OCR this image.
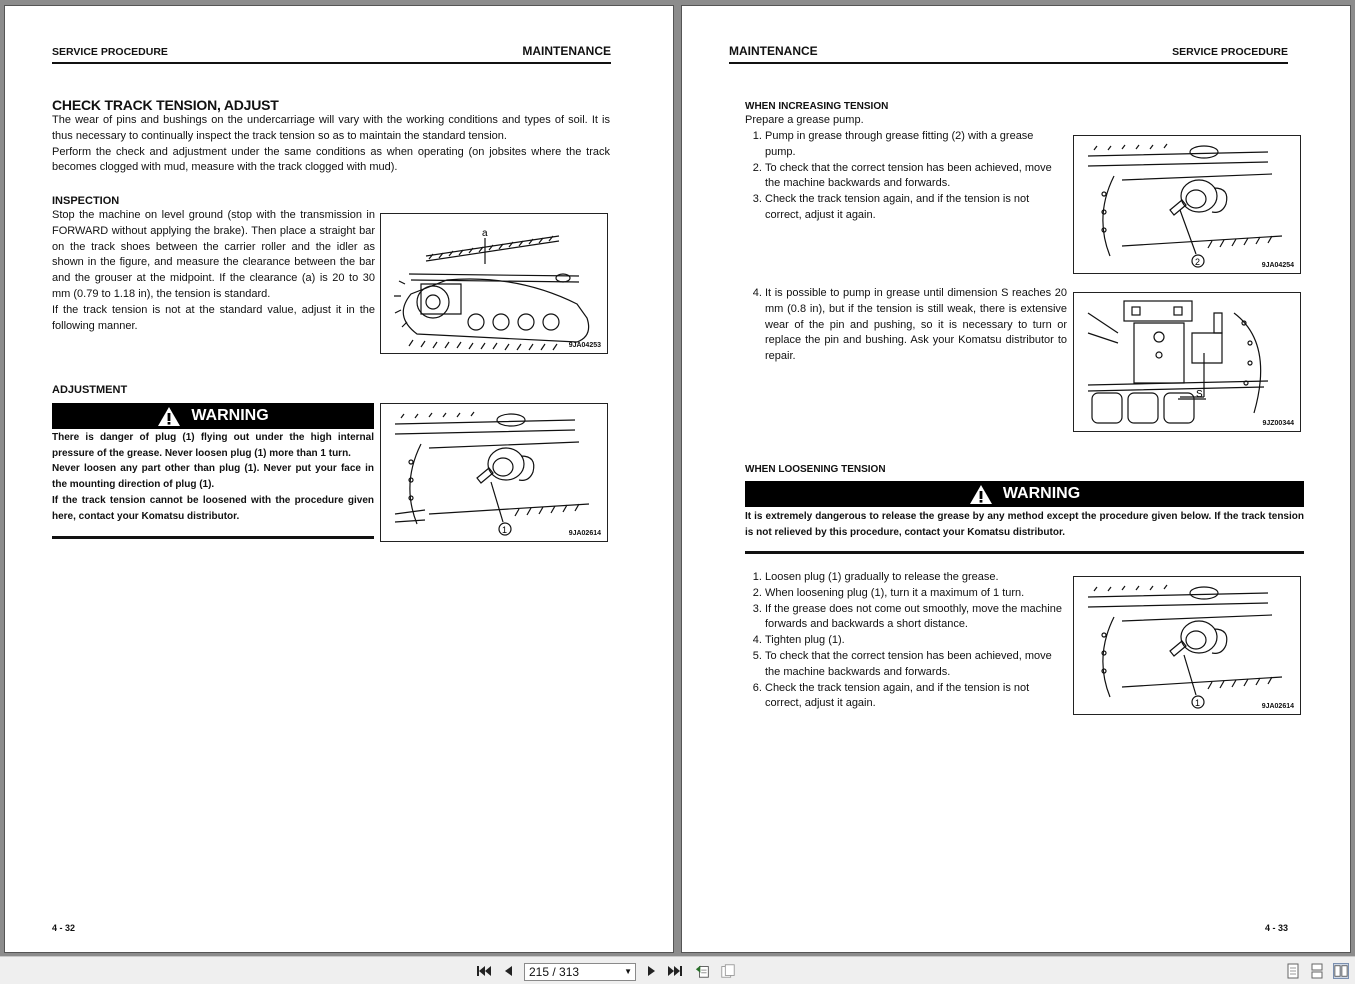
SERVICE PROCEDURE	MAINTENANCE
CHECK TRACK TENSION, ADJUST

The wear of pins and bushings on the undercarriage will vary with the working conditions and types of soil. It is thus necessary to continually inspect the track tension so as to maintain the standard tension.

Perform the check and adjustment under the same conditions as when operating (on jobsites where the track becomes clogged with mud, measure with the track clogged with mud).

INSPECTION

Stop the machine on level ground (stop with the transmission in FORWARD without applying the brake). Then place a straight bar on the track shoes between the carrier roller and the idler as shown in the figure, and measure the clearance between the bar and the grouser at the midpoint. If the clearance (a) is 20 to 30 mm (0.79 to 1.18 in), the tension is standard.

If the track tension is not at the standard value, adjust it in the following manner.

a
9JA04253
ADJUSTMENT
WARNING

There is danger of plug (1) flying out under the high internal pressure of the grease. Never loosen plug (1) more than 1 turn.

Never loosen any part other than plug (1). Never put your face in the mounting direction of plug (1).

If the track tension cannot be loosened with the procedure given here, contact your Komatsu distributor.

1	9JA02614
4 - 32
MAINTENANCE	SERVICE PROCEDURE
WHEN INCREASING TENSION
Prepare a grease pump.
1. Pump in grease through grease fitting (2) with a grease pump.
2. To check that the correct tension has been achieved, move the machine backwards and forwards.
3. Check the track tension again, and if the tension is not correct, adjust it again.
2	9JA04254
4. It is possible to pump in grease until dimension S reaches 20 mm (0.8 in), but if the tension is still weak, there is extensive wear of the pin and pushing, so it is necessary to turn or replace the pin and bushing. Ask your Komatsu distributor to repair.
S
9JZ00344
WHEN LOOSENING TENSION
WARNING

It is extremely dangerous to release the grease by any method except the procedure given below. If the track tension is not relieved by this procedure, contact your Komatsu distributor.

1. Loosen plug (1) gradually to release the grease.
2. When loosening plug (1), turn it a maximum of 1 turn.
3. If the grease does not come out smoothly, move the machine forwards and backwards a short distance.
4. Tighten plug (1).
5. To check that the correct tension has been achieved, move the machine backwards and forwards.
6. Check the track tension again, and if the tension is not correct, adjust it again.	1	9JA02614
4 - 33
215 / 313	▼
